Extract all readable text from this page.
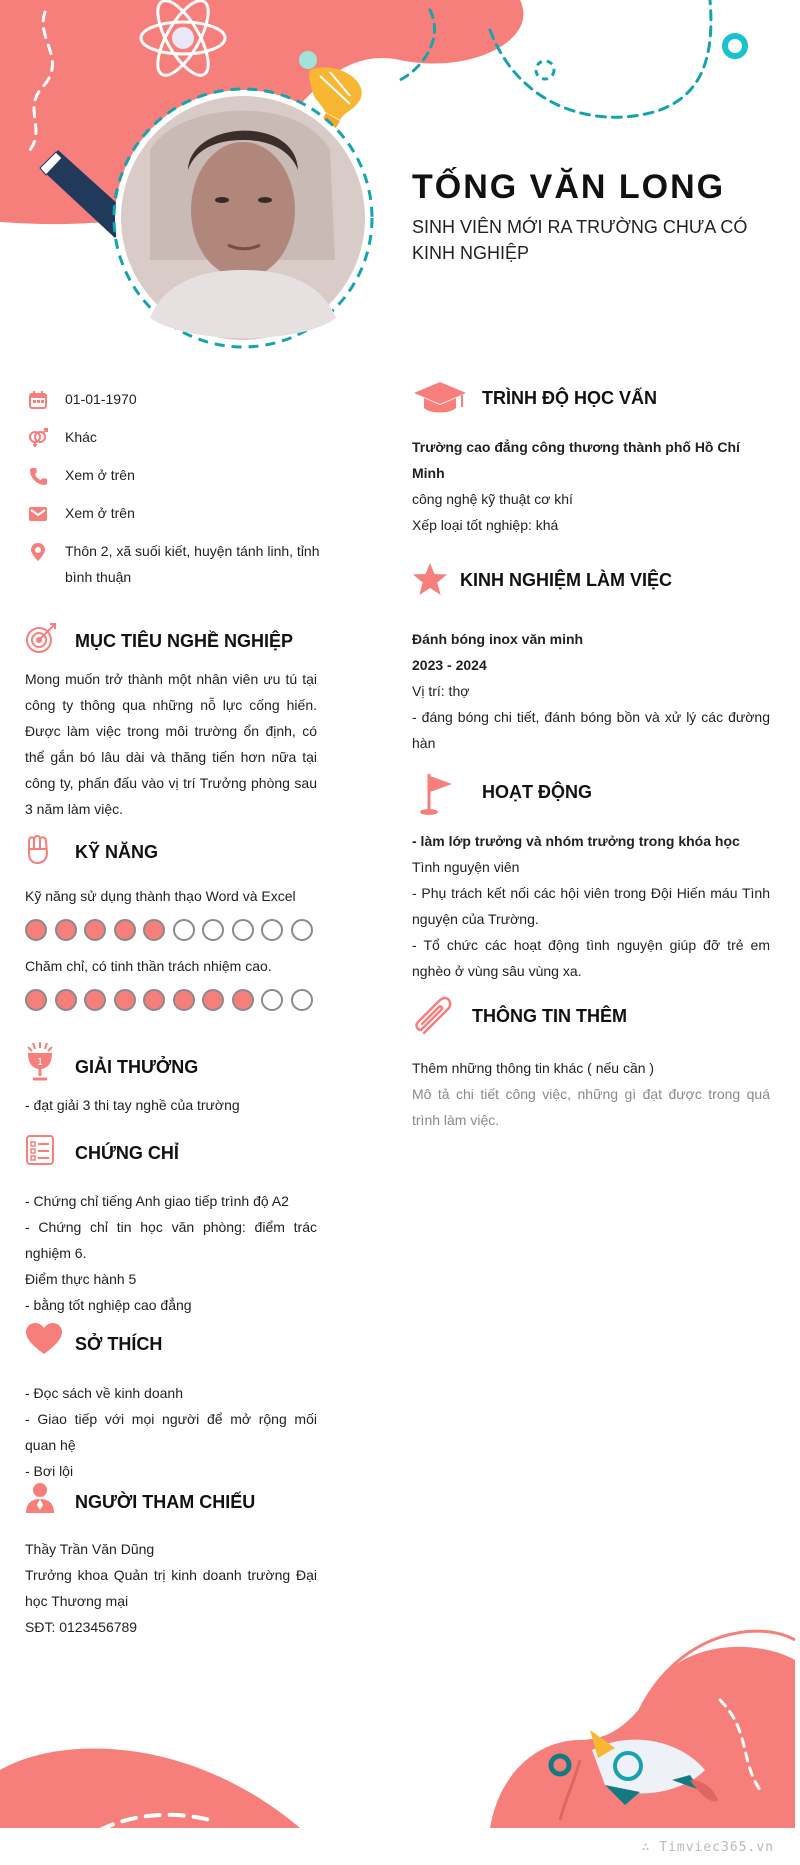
TỐNG VĂN LONG
SINH VIÊN MỚI RA TRƯỜNG CHƯA CÓ KINH NGHIỆP
01-01-1970
Khác
Xem ở trên
Xem ở trên
Thôn 2, xã suối kiết, huyện tánh linh, tỉnh bình thuận
MỤC TIÊU NGHỀ NGHIỆP
Mong muốn trở thành một nhân viên ưu tú tại công ty thông qua những nỗ lực cống hiến. Được làm việc trong môi trường ổn định, có thể gắn bó lâu dài và thăng tiến hơn nữa tại công ty, phấn đấu vào vị trí Trưởng phòng sau 3 năm làm việc.
KỸ NĂNG
Kỹ năng sử dụng thành thạo Word và Excel
Chăm chỉ, có tinh thần trách nhiệm cao.
1 GIẢI THƯỞNG
- đạt giải 3 thi tay nghề của trường
CHỨNG CHỈ
- Chứng chỉ tiếng Anh giao tiếp trình độ A2
- Chứng chỉ tin học văn phòng: điểm trác nghiệm 6.
Điểm thực hành 5
- bằng tốt nghiệp cao đẳng
SỞ THÍCH
- Đọc sách về kinh doanh
- Giao tiếp với mọi người để mở rộng mối quan hệ
- Bơi lội
NGƯỜI THAM CHIẾU
Thầy Trần Văn Dũng
Trưởng khoa Quản trị kinh doanh trường Đại học Thương mại
SĐT: 0123456789
TRÌNH ĐỘ HỌC VẤN
Trường cao đẳng công thương thành phố Hồ Chí Minh
công nghệ kỹ thuật cơ khí
Xếp loại tốt nghiệp: khá
KINH NGHIỆM LÀM VIỆC
Đánh bóng inox văn minh
2023 - 2024
Vị trí: thợ
- đáng bóng chi tiết, đánh bóng bồn và xử lý các đường hàn
HOẠT ĐỘNG
- làm lớp trưởng và nhóm trưởng trong khóa học
Tình nguyện viên
- Phụ trách kết nối các hội viên trong Đội Hiến máu Tình nguyện của Trường.
- Tổ chức các hoạt động tình nguyện giúp đỡ trẻ em nghèo ở vùng sâu vùng xa.
THÔNG TIN THÊM
Thêm những thông tin khác ( nếu cần )
Mô tả chi tiết công việc, những gì đạt được trong quá trình làm việc.
∴ Timviec365.vn
